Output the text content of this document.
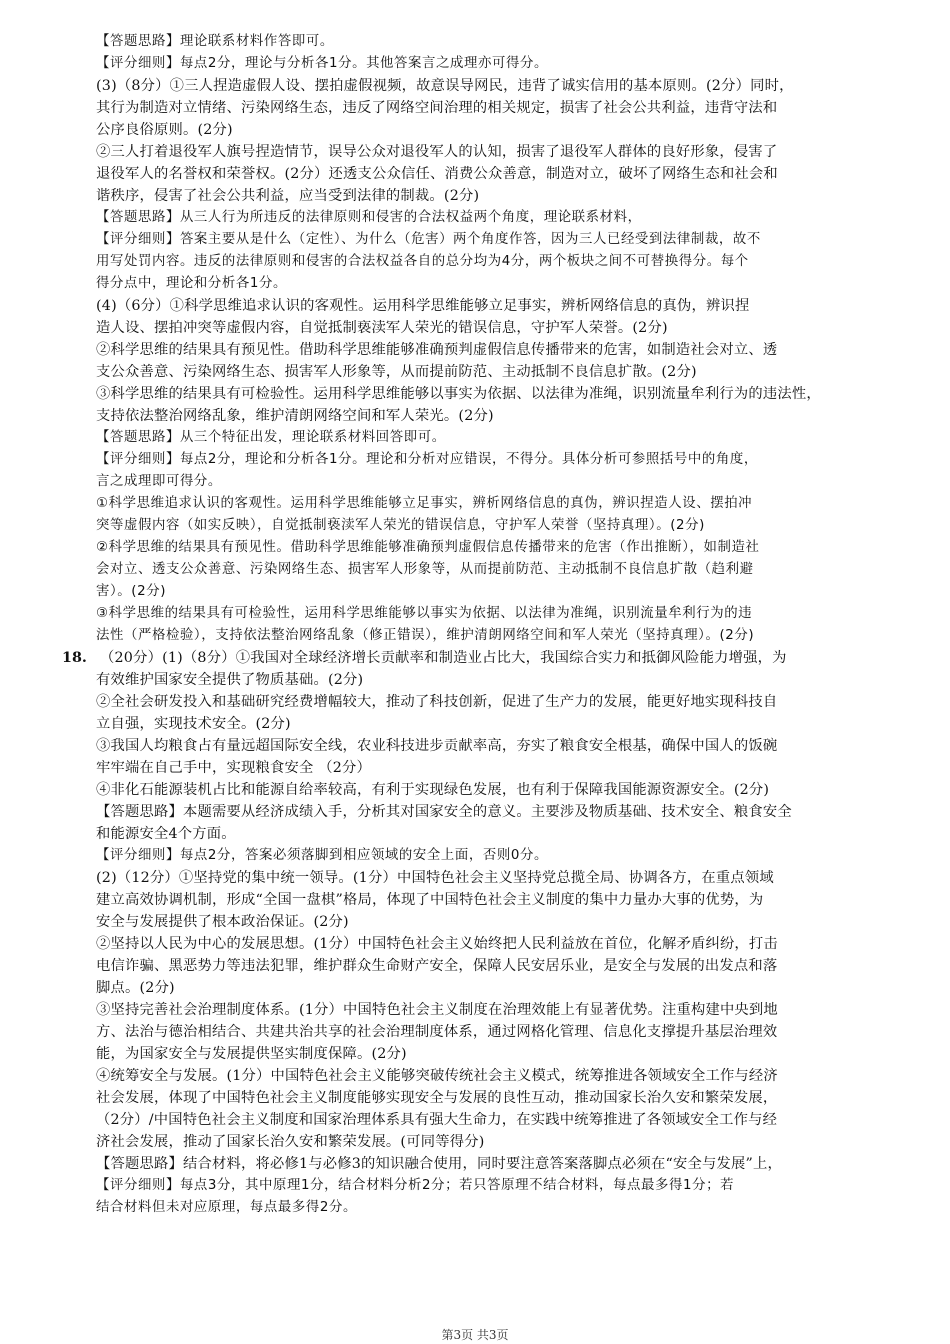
18.
【答题思路】理论联系材料作答即可。
【评分细则】每点2分，理论与分析各1分。其他答案言之成理亦可得分。
(3)（8分）①三人捏造虚假人设、摆拍虚假视频，故意误导网民，违背了诚实信用的基本原则。(2分）同时，
其行为制造对立情绪、污染网络生态，违反了网络空间治理的相关规定，损害了社会公共利益，违背守法和
公序良俗原则。(2分)
②三人打着退役军人旗号捏造情节，误导公众对退役军人的认知，损害了退役军人群体的良好形象，侵害了
退役军人的名誉权和荣誉权。(2分）还透支公众信任、消费公众善意，制造对立，破坏了网络生态和社会和
谐秩序，侵害了社会公共利益，应当受到法律的制裁。(2分)
【答题思路】从三人行为所违反的法律原则和侵害的合法权益两个角度，理论联系材料，
【评分细则】答案主要从是什么（定性）、为什么（危害）两个角度作答，因为三人已经受到法律制裁，故不
用写处罚内容。违反的法律原则和侵害的合法权益各自的总分均为4分，两个板块之间不可替换得分。每个
得分点中，理论和分析各1分。
(4)（6分）①科学思维追求认识的客观性。运用科学思维能够立足事实，辨析网络信息的真伪，辨识捏
造人设、摆拍冲突等虚假内容，自觉抵制亵渎军人荣光的错误信息，守护军人荣誉。(2分)
②科学思维的结果具有预见性。借助科学思维能够准确预判虚假信息传播带来的危害，如制造社会对立、透
支公众善意、污染网络生态、损害军人形象等，从而提前防范、主动抵制不良信息扩散。(2分)
③科学思维的结果具有可检验性。运用科学思维能够以事实为依据、以法律为准绳，识别流量牟利行为的违法性，
支持依法整治网络乱象，维护清朗网络空间和军人荣光。(2分)
【答题思路】从三个特征出发，理论联系材料回答即可。
【评分细则】每点2分，理论和分析各1分。理论和分析对应错误，不得分。具体分析可参照括号中的角度，
言之成理即可得分。
①科学思维追求认识的客观性。运用科学思维能够立足事实，辨析网络信息的真伪，辨识捏造人设、摆拍冲
突等虚假内容（如实反映），自觉抵制亵渎军人荣光的错误信息，守护军人荣誉（坚持真理）。(2分)
②科学思维的结果具有预见性。借助科学思维能够准确预判虚假信息传播带来的危害（作出推断），如制造社
会对立、透支公众善意、污染网络生态、损害军人形象等，从而提前防范、主动抵制不良信息扩散（趋利避
害）。(2分)
③科学思维的结果具有可检验性，运用科学思维能够以事实为依据、以法律为准绳，识别流量牟利行为的违
法性（严格检验），支持依法整治网络乱象（修正错误），维护清朗网络空间和军人荣光（坚持真理）。(2分)
（20分）(1)（8分）①我国对全球经济增长贡献率和制造业占比大，我国综合实力和抵御风险能力增强，为
有效维护国家安全提供了物质基础。(2分)
②全社会研发投入和基础研究经费增幅较大，推动了科技创新，促进了生产力的发展，能更好地实现科技自
立自强，实现技术安全。(2分)
③我国人均粮食占有量远超国际安全线，农业科技进步贡献率高，夯实了粮食安全根基，确保中国人的饭碗
牢牢端在自己手中，实现粮食安全 （2分）
④非化石能源装机占比和能源自给率较高，有利于实现绿色发展，也有利于保障我国能源资源安全。(2分)
【答题思路】本题需要从经济成绩入手，分析其对国家安全的意义。主要涉及物质基础、技术安全、粮食安全
和能源安全4个方面。
【评分细则】每点2分，答案必须落脚到相应领域的安全上面，否则0分。
(2)（12分）①坚持党的集中统一领导。(1分）中国特色社会主义坚持党总揽全局、协调各方，在重点领域
建立高效协调机制，形成“全国一盘棋”格局，体现了中国特色社会主义制度的集中力量办大事的优势，为
安全与发展提供了根本政治保证。(2分)
②坚持以人民为中心的发展思想。(1分）中国特色社会主义始终把人民利益放在首位，化解矛盾纠纷，打击
电信诈骗、黑恶势力等违法犯罪，维护群众生命财产安全，保障人民安居乐业，是安全与发展的出发点和落
脚点。(2分)
③坚持完善社会治理制度体系。(1分）中国特色社会主义制度在治理效能上有显著优势。注重构建中央到地
方、法治与德治相结合、共建共治共享的社会治理制度体系，通过网格化管理、信息化支撑提升基层治理效
能，为国家安全与发展提供坚实制度保障。(2分)
④统筹安全与发展。(1分）中国特色社会主义能够突破传统社会主义模式，统筹推进各领域安全工作与经济
社会发展，体现了中国特色社会主义制度能够实现安全与发展的良性互动，推动国家长治久安和繁荣发展，
（2分）/中国特色社会主义制度和国家治理体系具有强大生命力，在实践中统筹推进了各领域安全工作与经
济社会发展，推动了国家长治久安和繁荣发展。(可同等得分)
【答题思路】结合材料，将必修1与必修3的知识融合使用，同时要注意答案落脚点必须在“安全与发展”上，
【评分细则】每点3分，其中原理1分，结合材料分析2分；若只答原理不结合材料，每点最多得1分；若
结合材料但未对应原理，每点最多得2分。
第3页 共3页
